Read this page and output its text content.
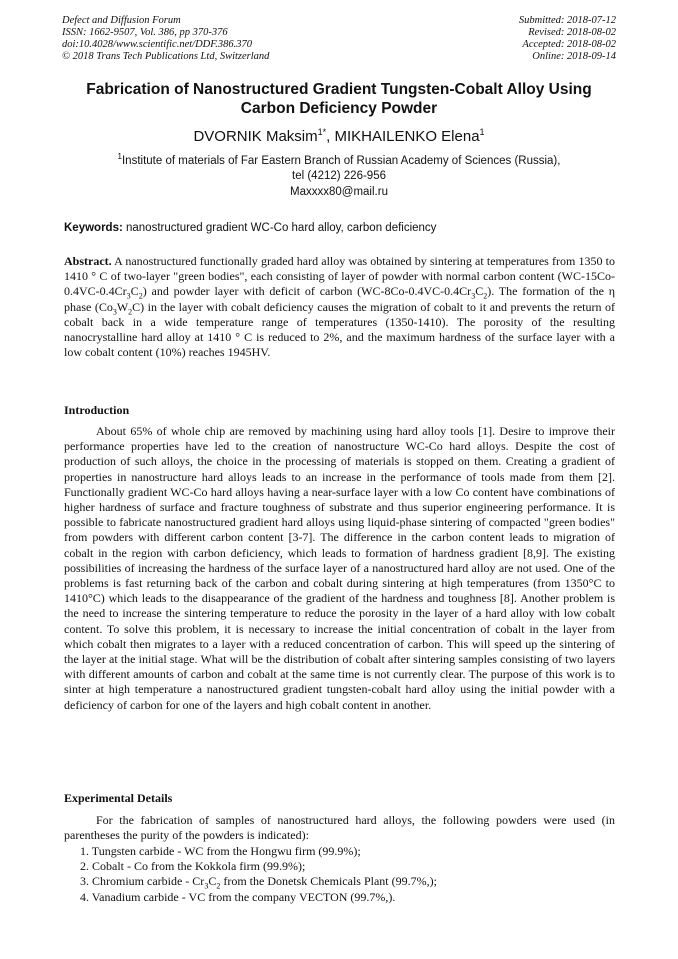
Defect and Diffusion Forum
ISSN: 1662-9507, Vol. 386, pp 370-376
doi:10.4028/www.scientific.net/DDF.386.370
© 2018 Trans Tech Publications Ltd, Switzerland
Submitted: 2018-07-12
Revised: 2018-08-02
Accepted: 2018-08-02
Online: 2018-09-14
Fabrication of Nanostructured Gradient Tungsten-Cobalt Alloy Using Carbon Deficiency Powder
DVORNIK Maksim$^{1*}$, MIKHAILENKO Elena$^1$
$^1$Institute of materials of Far Eastern Branch of Russian Academy of Sciences (Russia),
tel (4212) 226-956
Maxxxx80@mail.ru
Keywords: nanostructured gradient WC-Co hard alloy, carbon deficiency
Abstract. A nanostructured functionally graded hard alloy was obtained by sintering at temperatures from 1350 to 1410 ° C of two-layer "green bodies", each consisting of layer of powder with normal carbon content $(WC-15Co-0.4VC-0.4Cr_3C_2)$ and powder layer with deficit of carbon $(WC-8Co-0.4VC-0.4Cr_3C_2)$. The formation of the η phase $(Co_3W_2C)$ in the layer with cobalt deficiency causes the migration of cobalt to it and prevents the return of cobalt back in a wide temperature range of temperatures (1350-1410). The porosity of the resulting nanocrystalline hard alloy at 1410 ° C is reduced to 2%, and the maximum hardness of the surface layer with a low cobalt content (10%) reaches 1945HV.
Introduction

About 65% of whole chip are removed by machining using hard alloy tools [1]. Desire to improve their performance properties have led to the creation of nanostructure WC-Co hard alloys. Despite the cost of production of such alloys, the choice in the processing of materials is stopped on them. Creating a gradient of properties in nanostructure hard alloys leads to an increase in the performance of tools made from them [2]. Functionally gradient WC-Co hard alloys having a near-surface layer with a low Co content have combinations of higher hardness of surface and fracture toughness of substrate and thus superior engineering performance. It is possible to fabricate nanostructured gradient hard alloys using liquid-phase sintering of compacted "green bodies" from powders with different carbon content [3-7]. The difference in the carbon content leads to migration of cobalt in the region with carbon deficiency, which leads to formation of hardness gradient [8,9]. The existing possibilities of increasing the hardness of the surface layer of a nanostructured hard alloy are not used. One of the problems is fast returning back of the carbon and cobalt during sintering at high temperatures (from 1350°C to 1410°C) which leads to the disappearance of the gradient of the hardness and toughness [8]. Another problem is the need to increase the sintering temperature to reduce the porosity in the layer of a hard alloy with low cobalt content. To solve this problem, it is necessary to increase the initial concentration of cobalt in the layer from which cobalt then migrates to a layer with a reduced concentration of carbon. This will speed up the sintering of the layer at the initial stage. What will be the distribution of cobalt after sintering samples consisting of two layers with different amounts of carbon and cobalt at the same time is not currently clear. The purpose of this work is to sinter at high temperature a nanostructured gradient tungsten-cobalt hard alloy using the initial powder with a deficiency of carbon for one of the layers and high cobalt content in another.

Experimental Details

For the fabrication of samples of nanostructured hard alloys, the following powders were used (in parentheses the purity of the powders is indicated):

1. Tungsten carbide - WC from the Hongwu firm (99.9%);
2. Cobalt - Co from the Kokkola firm (99.9%);
3. Chromium carbide - $Cr_3C_2$ from the Donetsk Chemicals Plant (99.7%,);
4. Vanadium carbide - VC from the company VECTON (99.7%,).
